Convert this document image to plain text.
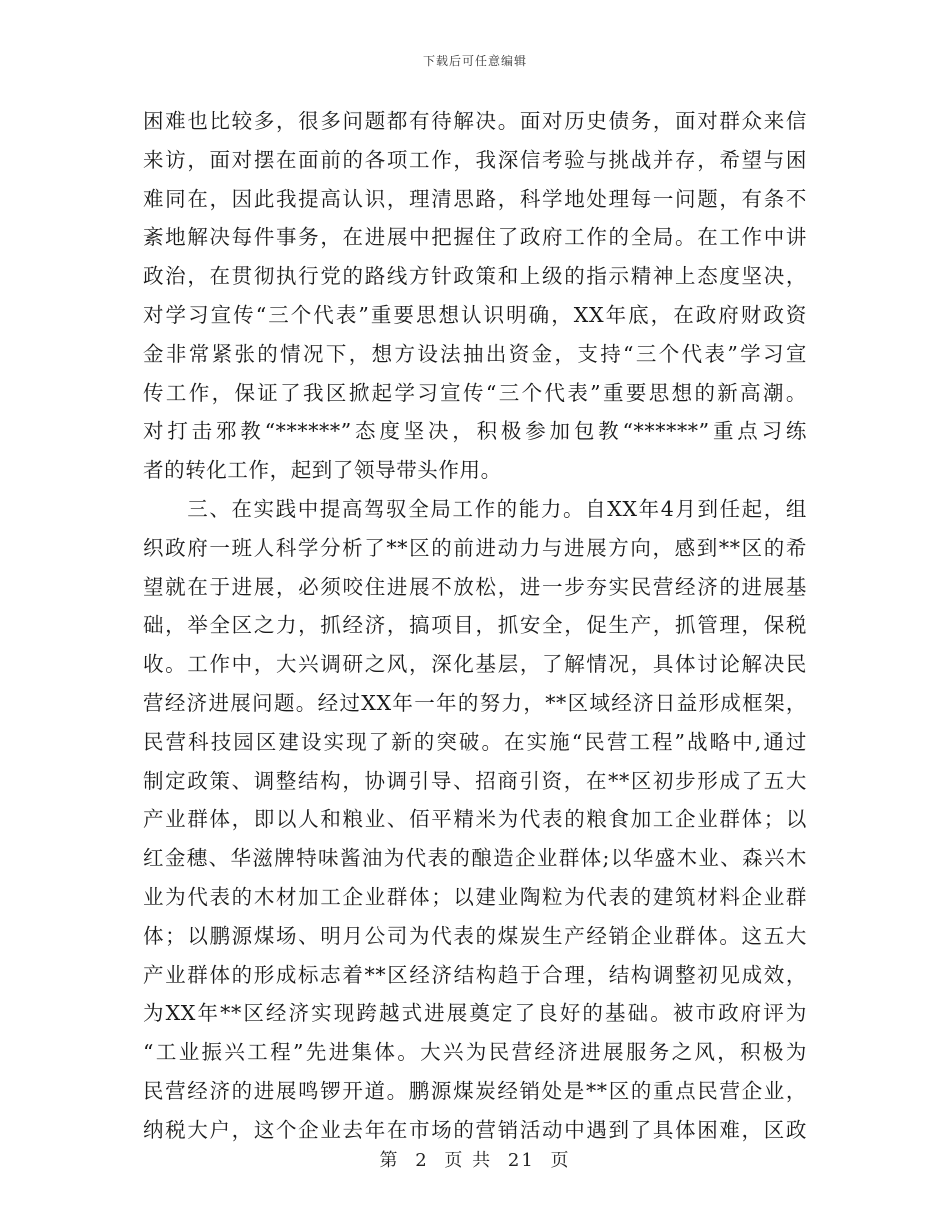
下载后可任意编辑
困难也比较多，很多问题都有待解决。面对历史债务，面对群众来信
来访，面对摆在面前的各项工作，我深信考验与挑战并存，希望与困
难同在，因此我提高认识，理清思路，科学地处理每一问题，有条不
紊地解决每件事务，在进展中把握住了政府工作的全局。在工作中讲
政治，在贯彻执行党的路线方针政策和上级的指示精神上态度坚决，
对学习宣传“三个代表”重要思想认识明确，XX年底，在政府财政资
金非常紧张的情况下，想方设法抽出资金，支持“三个代表”学习宣
传工作，保证了我区掀起学习宣传“三个代表”重要思想的新高潮。
对打击邪教“******”态度坚决，积极参加包教“******”重点习练
者的转化工作，起到了领导带头作用。
　　三、在实践中提高驾驭全局工作的能力。自XX年4月到任起，组
织政府一班人科学分析了**区的前进动力与进展方向，感到**区的希
望就在于进展，必须咬住进展不放松，进一步夯实民营经济的进展基
础，举全区之力，抓经济，搞项目，抓安全，促生产，抓管理，保税
收。工作中，大兴调研之风，深化基层，了解情况，具体讨论解决民
营经济进展问题。经过XX年一年的努力，**区域经济日益形成框架，
民营科技园区建设实现了新的突破。在实施“民营工程”战略中,通过
制定政策、调整结构，协调引导、招商引资，在**区初步形成了五大
产业群体，即以人和粮业、佰平精米为代表的粮食加工企业群体；以
红金穗、华滋牌特味酱油为代表的酿造企业群体;以华盛木业、森兴木
业为代表的木材加工企业群体；以建业陶粒为代表的建筑材料企业群
体；以鹏源煤场、明月公司为代表的煤炭生产经销企业群体。这五大
产业群体的形成标志着**区经济结构趋于合理，结构调整初见成效，
为XX年**区经济实现跨越式进展奠定了良好的基础。被市政府评为
“工业振兴工程”先进集体。大兴为民营经济进展服务之风，积极为
民营经济的进展鸣锣开道。鹏源煤炭经销处是**区的重点民营企业，
纳税大户，这个企业去年在市场的营销活动中遇到了具体困难，区政
第 2 页 共 21 页
